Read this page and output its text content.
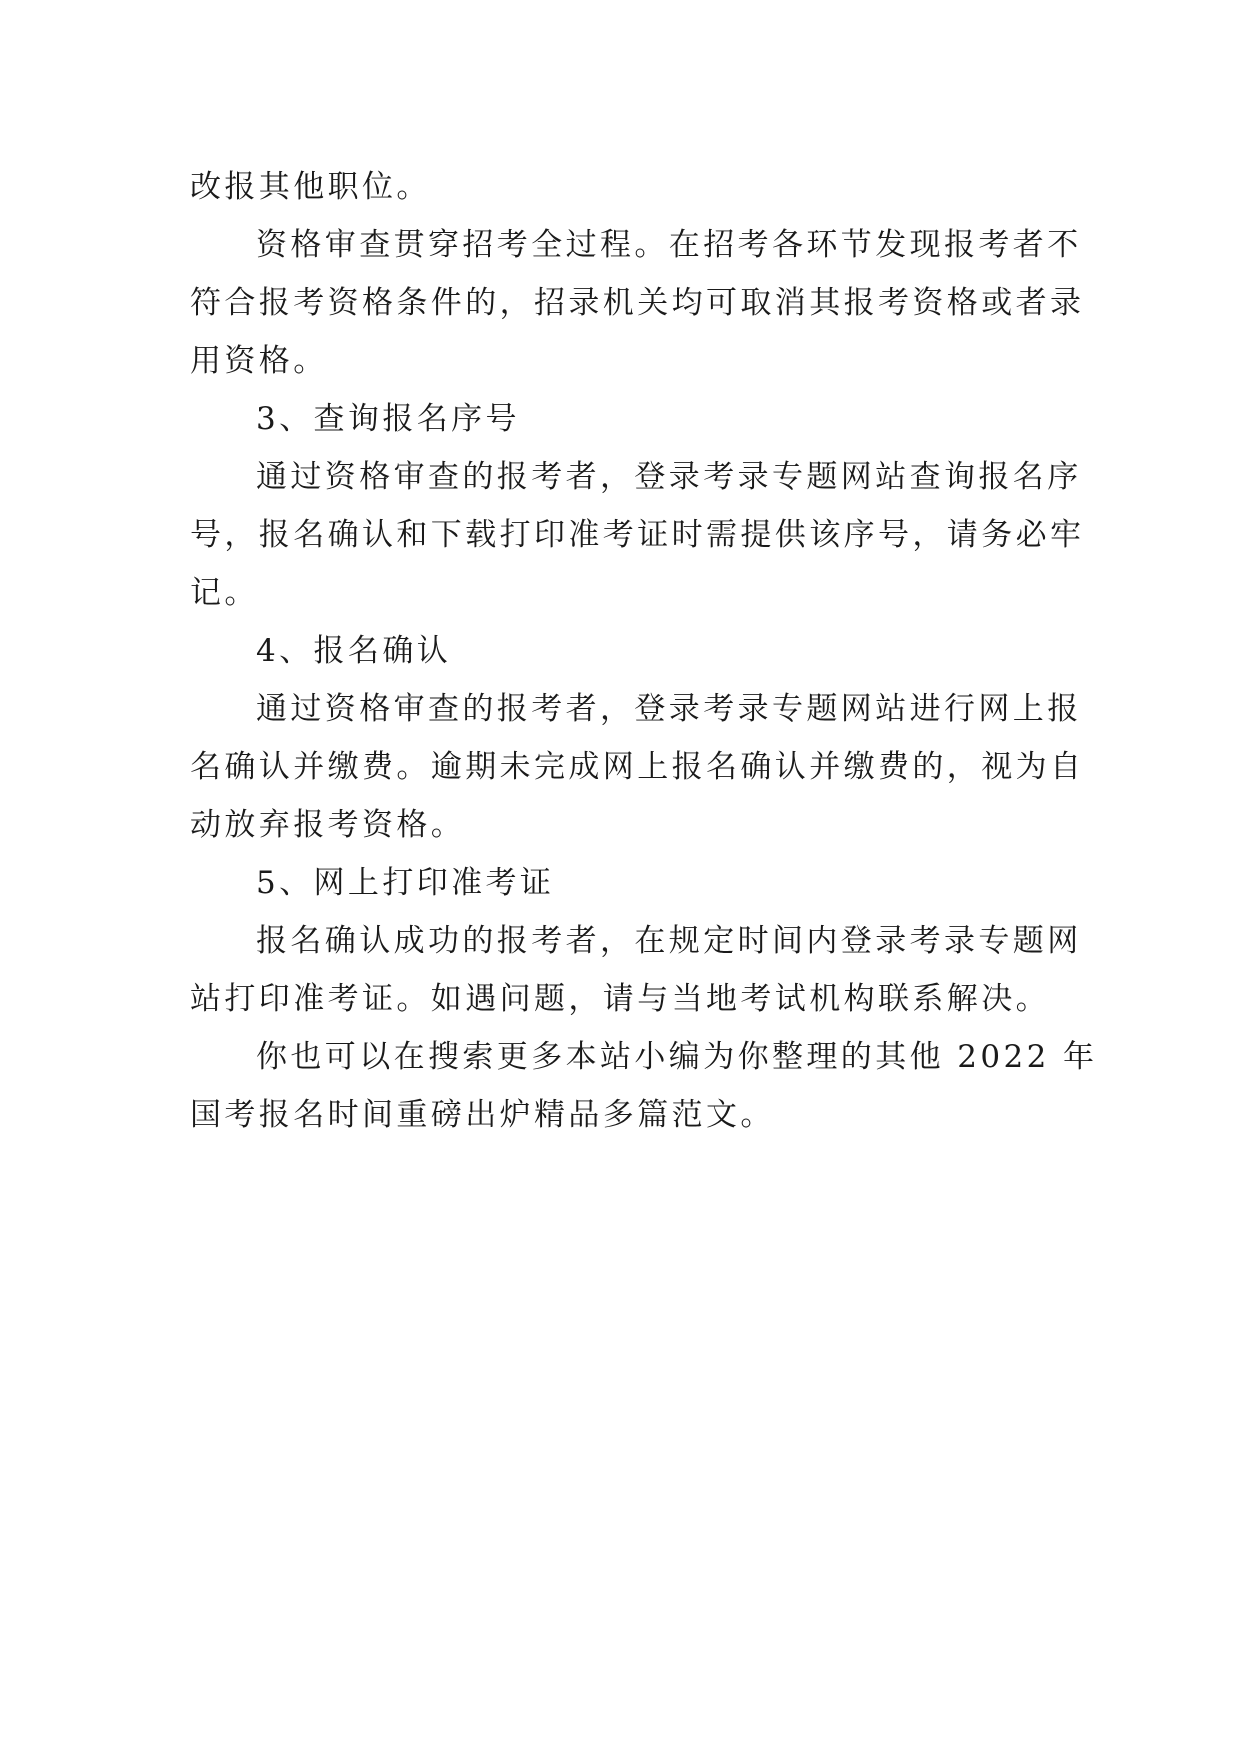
改报其他职位。
资格审查贯穿招考全过程。在招考各环节发现报考者不
符合报考资格条件的，招录机关均可取消其报考资格或者录
用资格。
3、查询报名序号
通过资格审查的报考者，登录考录专题网站查询报名序
号，报名确认和下载打印准考证时需提供该序号，请务必牢
记。
4、报名确认
通过资格审查的报考者，登录考录专题网站进行网上报
名确认并缴费。逾期未完成网上报名确认并缴费的，视为自
动放弃报考资格。
5、网上打印准考证
报名确认成功的报考者，在规定时间内登录考录专题网
站打印准考证。如遇问题，请与当地考试机构联系解决。
你也可以在搜索更多本站小编为你整理的其他 2022 年
国考报名时间重磅出炉精品多篇范文。
